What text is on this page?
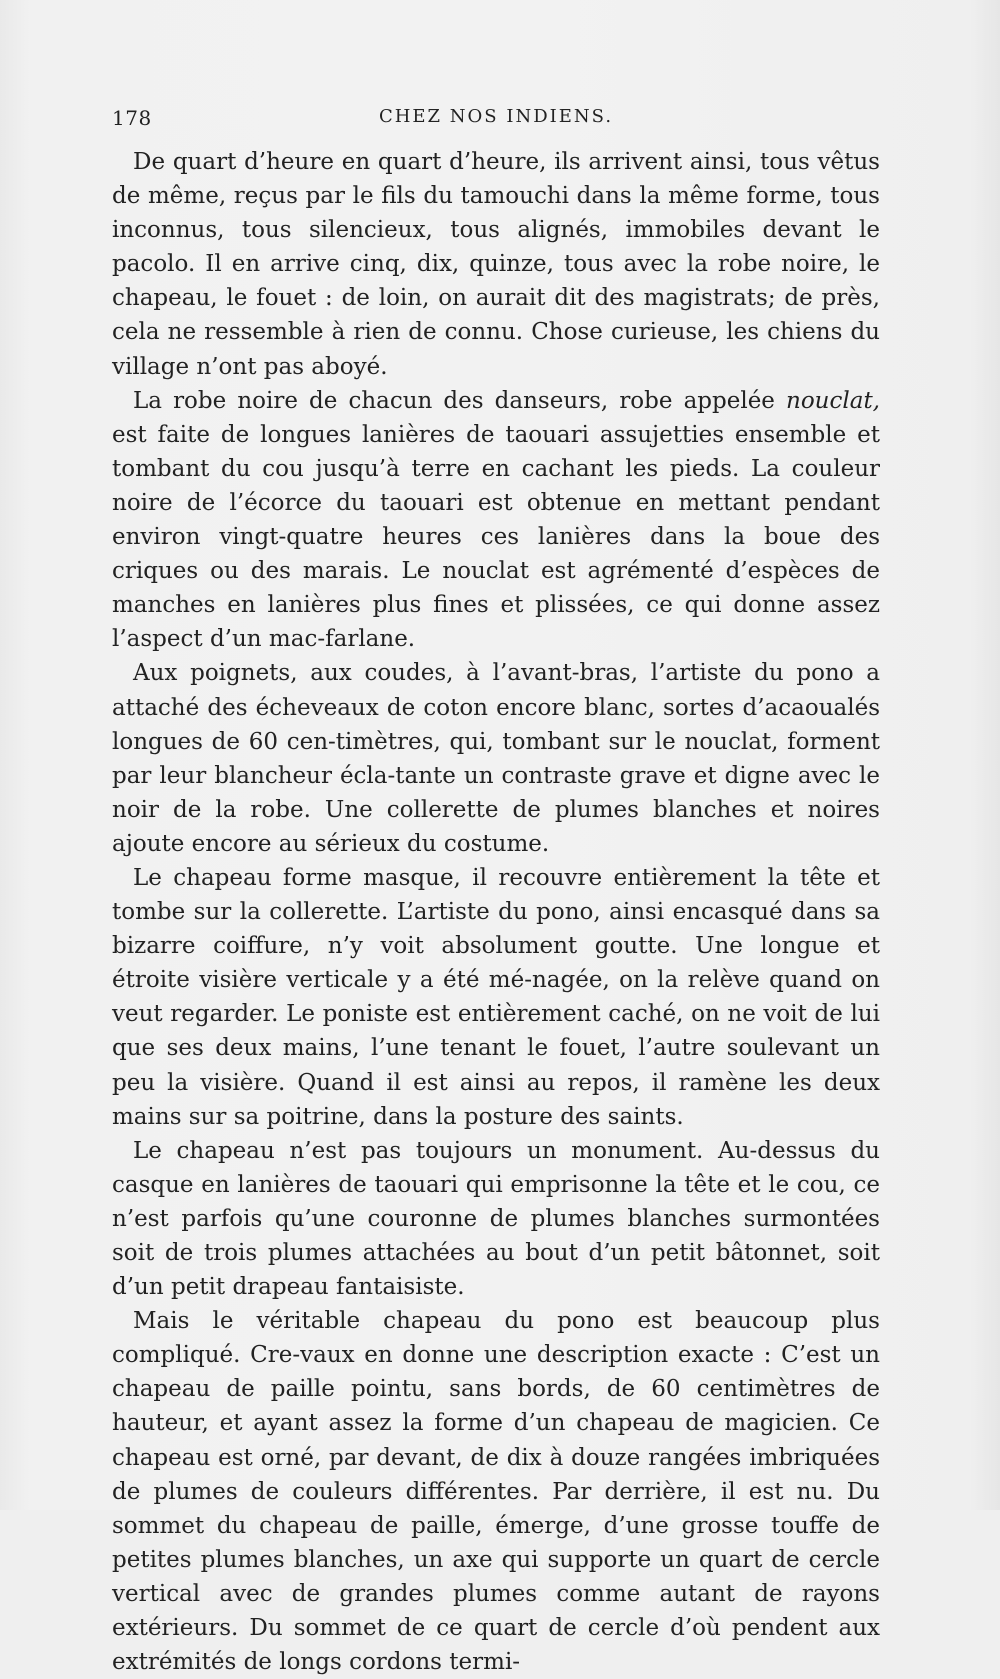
178	CHEZ NOS INDIENS.

De quart d’heure en quart d’heure, ils arrivent ainsi, tous vêtus de même, reçus par le fils du tamouchi dans la même forme, tous inconnus, tous silencieux, tous alignés, immobiles devant le pacolo. Il en arrive cinq, dix, quinze, tous avec la robe noire, le chapeau, le fouet : de loin, on aurait dit des magistrats; de près, cela ne ressemble à rien de connu. Chose curieuse, les chiens du village n’ont pas aboyé.

La robe noire de chacun des danseurs, robe appelée nouclat, est faite de longues lanières de taouari assujetties ensemble et tombant du cou jusqu’à terre en cachant les pieds. La couleur noire de l’écorce du taouari est obtenue en mettant pendant environ vingt-quatre heures ces lanières dans la boue des criques ou des marais. Le nouclat est agrémenté d’espèces de manches en lanières plus fines et plissées, ce qui donne assez l’aspect d’un mac-farlane.

Aux poignets, aux coudes, à l’avant-bras, l’artiste du pono a attaché des écheveaux de coton encore blanc, sortes d’acaoualés longues de 60 cen-timètres, qui, tombant sur le nouclat, forment par leur blancheur écla-tante un contraste grave et digne avec le noir de la robe. Une collerette de plumes blanches et noires ajoute encore au sérieux du costume.

Le chapeau forme masque, il recouvre entièrement la tête et tombe sur la collerette. L’artiste du pono, ainsi encasqué dans sa bizarre coiffure, n’y voit absolument goutte. Une longue et étroite visière verticale y a été mé-nagée, on la relève quand on veut regarder. Le poniste est entièrement caché, on ne voit de lui que ses deux mains, l’une tenant le fouet, l’autre soulevant un peu la visière. Quand il est ainsi au repos, il ramène les deux mains sur sa poitrine, dans la posture des saints.

Le chapeau n’est pas toujours un monument. Au-dessus du casque en lanières de taouari qui emprisonne la tête et le cou, ce n’est parfois qu’une couronne de plumes blanches surmontées soit de trois plumes attachées au bout d’un petit bâtonnet, soit d’un petit drapeau fantaisiste.

Mais le véritable chapeau du pono est beaucoup plus compliqué. Cre-vaux en donne une description exacte : C’est un chapeau de paille pointu, sans bords, de 60 centimètres de hauteur, et ayant assez la forme d’un chapeau de magicien. Ce chapeau est orné, par devant, de dix à douze rangées imbriquées de plumes de couleurs différentes. Par derrière, il est nu. Du sommet du chapeau de paille, émerge, d’une grosse touffe de petites plumes blanches, un axe qui supporte un quart de cercle vertical avec de grandes plumes comme autant de rayons extérieurs. Du sommet de ce quart de cercle d’où pendent aux extrémités de longs cordons termi-
